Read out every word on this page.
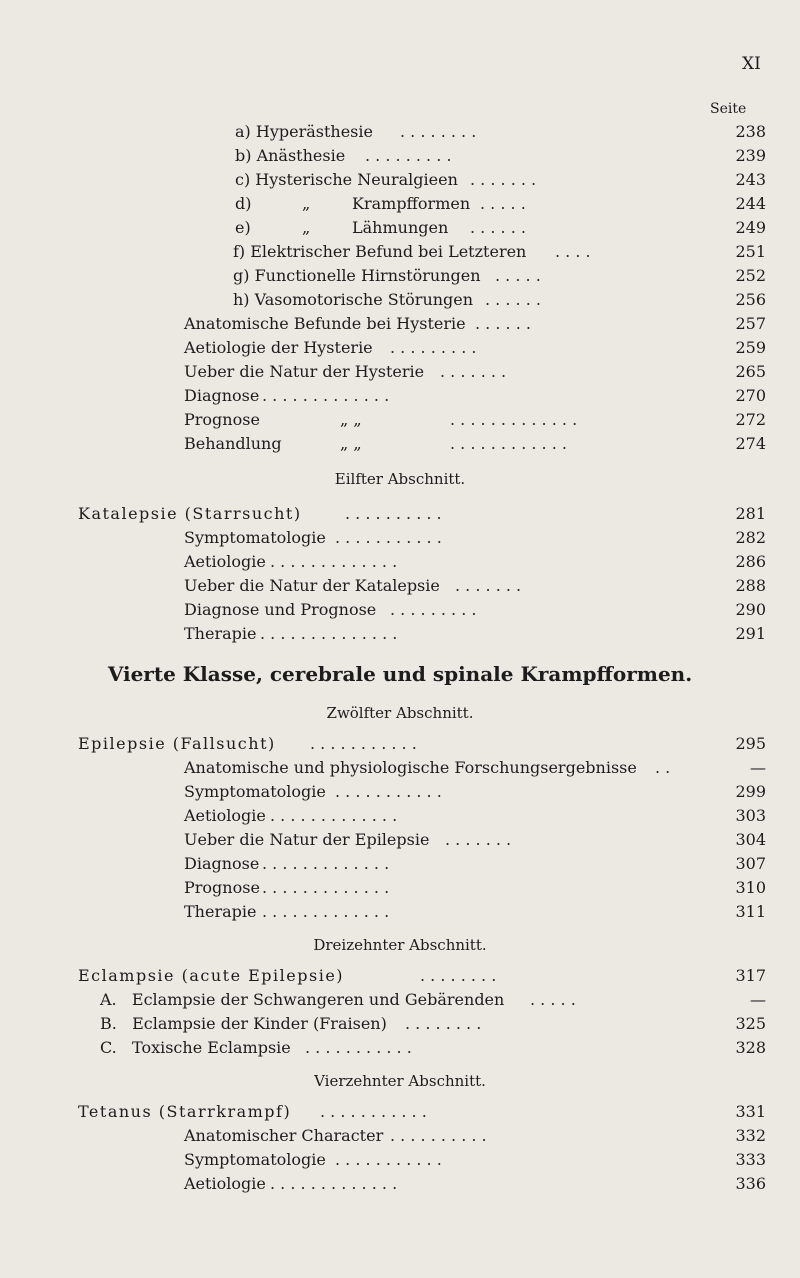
XI
Seite
a) Hyperästhesie . . . . . . . .	238
b) Anästhesie . . . . . . . . .	239
c) Hysterische Neuralgieen . . . . . . .	243
d)	„	Krampfformen . . . . .	244
e)	„	Lähmungen . . . . . .	249
f) Elektrischer Befund bei Letzteren . . . .	251
g) Functionelle Hirnstörungen . . . . .	252
h) Vasomotorische Störungen . . . . . .	256
Anatomische Befunde bei Hysterie . . . . . .	257
Aetiologie der Hysterie . . . . . . . . .	259
Ueber die Natur der Hysterie . . . . . . .	265
Diagnose . . . . . . . . . . . . .	270
Prognose	„ „	. . . . . . . . . . . . .	272
Behandlung	„ „	. . . . . . . . . . . .	274
Eilfter Abschnitt.
Katalepsie (Starrsucht)	. . . . . . . . . .	281
Symptomatologie . . . . . . . . . . .	282
Aetiologie . . . . . . . . . . . . .	286
Ueber die Natur der Katalepsie . . . . . . .	288
Diagnose und Prognose . . . . . . . . .	290
Therapie . . . . . . . . . . . . . .	291
Vierte Klasse, cerebrale und spinale Krampfformen.
Zwölfter Abschnitt.
Epilepsie (Fallsucht) . . . . . . . . . . .	295
Anatomische und physiologische Forschungsergebnisse . .	—
Symptomatologie . . . . . . . . . . .	299
Aetiologie . . . . . . . . . . . . .	303
Ueber die Natur der Epilepsie . . . . . . .	304
Diagnose . . . . . . . . . . . . .	307
Prognose . . . . . . . . . . . . .	310
Therapie . . . . . . . . . . . . .	311
Dreizehnter Abschnitt.
Eclampsie (acute Epilepsie)	. . . . . . . .	317
A.   Eclampsie der Schwangeren und Gebärenden . . . . .	—
B.   Eclampsie der Kinder (Fraisen) . . . . . . . .	325
C.   Toxische Eclampsie . . . . . . . . . . .	328
Vierzehnter Abschnitt.
Tetanus (Starrkrampf) . . . . . . . . . . .	331
Anatomischer Character . . . . . . . . . .	332
Symptomatologie . . . . . . . . . . .	333
Aetiologie . . . . . . . . . . . . .	336
